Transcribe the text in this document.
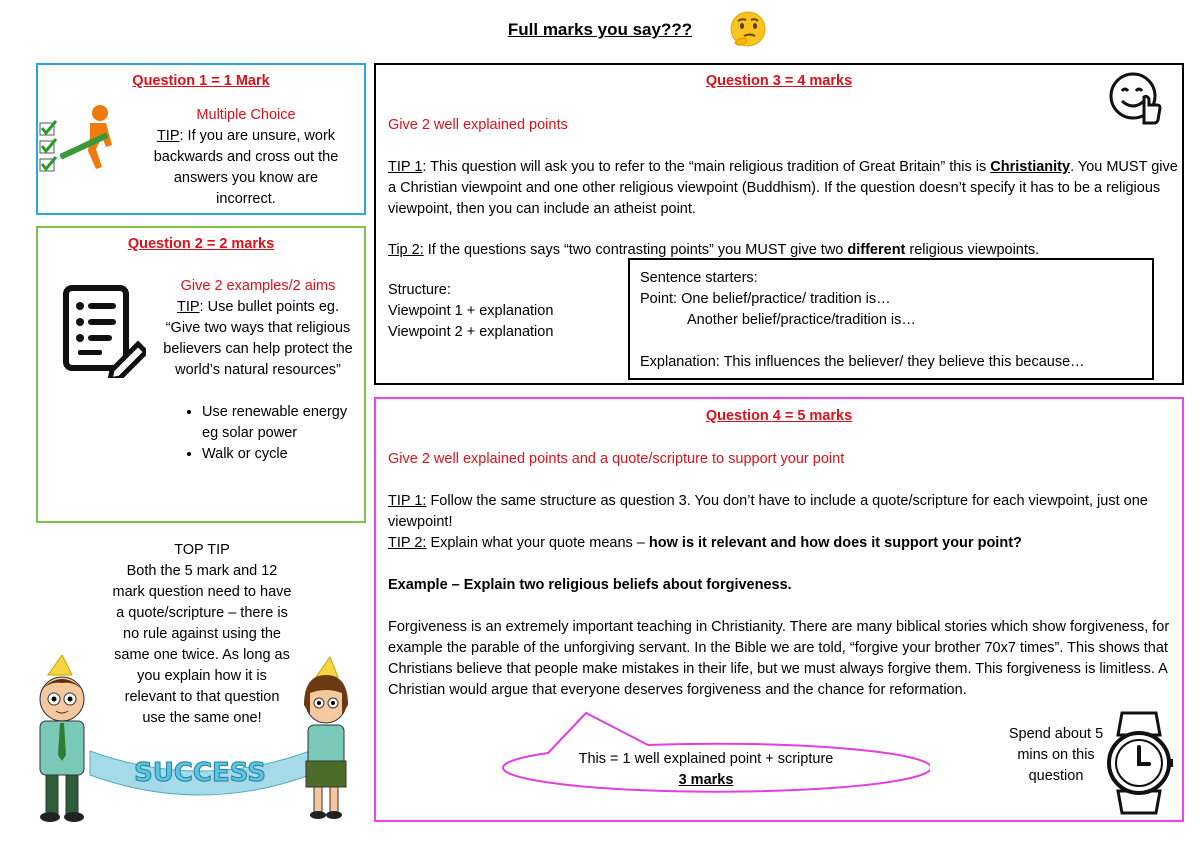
Full marks you say???
Question 1 = 1 Mark

Multiple Choice

TIP: If you are unsure, work backwards and cross out the answers you know are incorrect.

Question 2 = 2 marks

Give 2 examples/2 aims

TIP: Use bullet points eg. “Give two ways that religious believers can help protect the world’s natural resources”

• Use renewable energy eg solar power
• Walk or cycle

TOP TIP

Both the 5 mark and 12 mark question need to have a quote/scripture – there is no rule against using the same one twice. As long as you explain how it is relevant to that question use the same one!

SUCCESS
Question 3 = 4 marks
Give 2 well explained points
TIP 1: This question will ask you to refer to the “main religious tradition of Great Britain” this is Christianity. You MUST give a Christian viewpoint and one other religious viewpoint (Buddhism). If the question doesn’t specify it has to be a religious viewpoint, then you can include an atheist point.
Tip 2: If the questions says “two contrasting points” you MUST give two different religious viewpoints.

Structure:

Viewpoint 1 + explanation

Viewpoint 2 + explanation

Sentence starters:

Point: One belief/practice/ tradition is…

Another belief/practice/tradition is…

Explanation: This influences the believer/ they believe this because…

Question 4 = 5 marks
Give 2 well explained points and a quote/scripture to support your point

TIP 1: Follow the same structure as question 3. You don’t have to include a quote/scripture for each viewpoint, just one viewpoint!

TIP 2: Explain what your quote means – how is it relevant and how does it support your point?

Example – Explain two religious beliefs about forgiveness.
Forgiveness is an extremely important teaching in Christianity. There are many biblical stories which show forgiveness, for example the parable of the unforgiving servant. In the Bible we are told, “forgive your brother 70x7 times”. This shows that Christians believe that people make mistakes in their life, but we must always forgive them. This forgiveness is limitless. A Christian would argue that everyone deserves forgiveness and the chance for reformation.

This = 1 well explained point + scripture

3 marks

Spend about 5 mins on this question
